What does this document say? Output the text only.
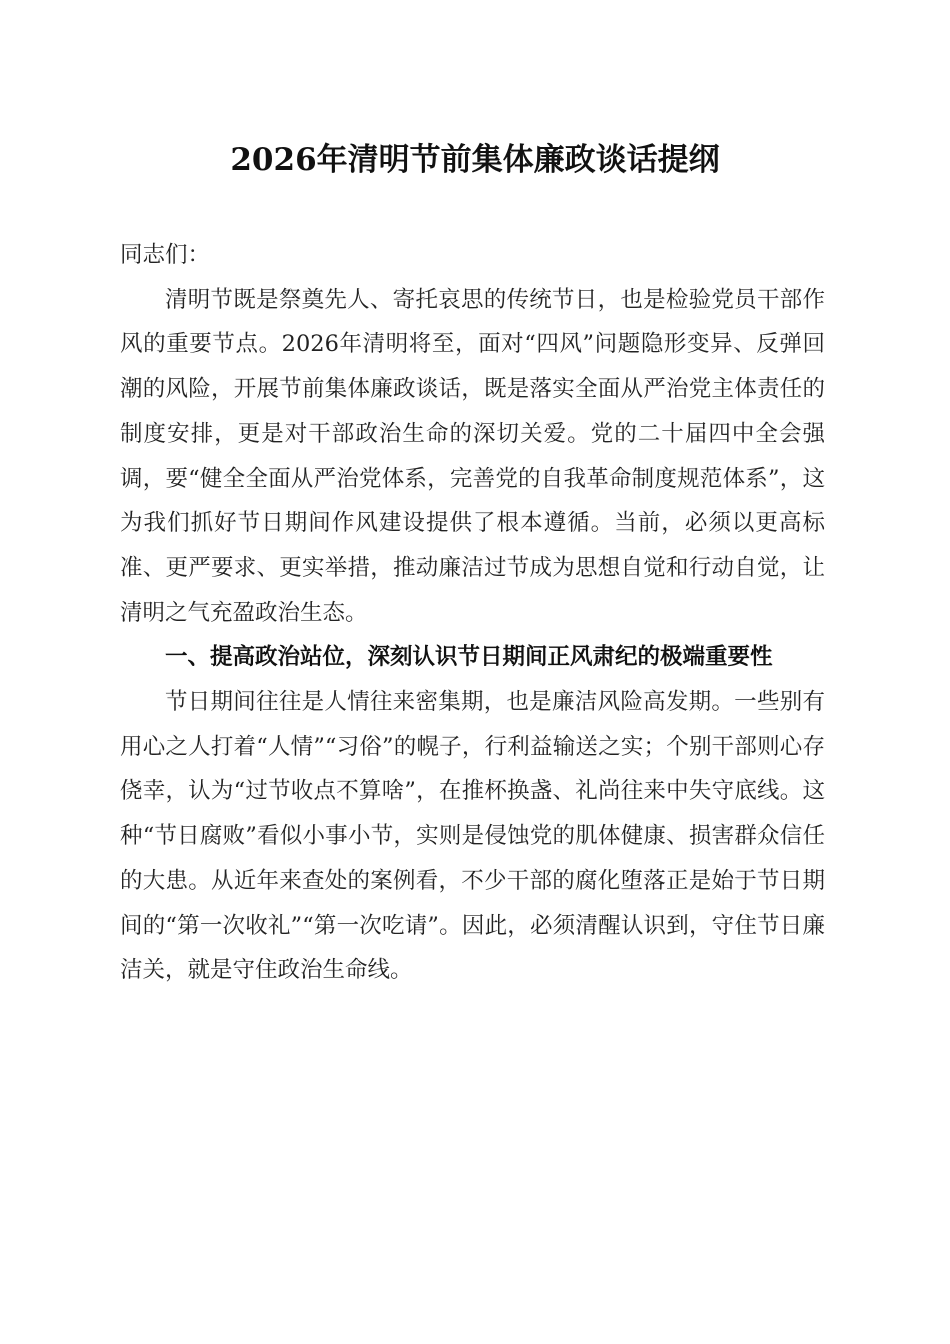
2026年清明节前集体廉政谈话提纲

同志们：

清明节既是祭奠先人、寄托哀思的传统节日，也是检验党员干部作风的重要节点。2026年清明将至，面对“四风”问题隐形变异、反弹回潮的风险，开展节前集体廉政谈话，既是落实全面从严治党主体责任的制度安排，更是对干部政治生命的深切关爱。党的二十届四中全会强调，要“健全全面从严治党体系，完善党的自我革命制度规范体系”，这为我们抓好节日期间作风建设提供了根本遵循。当前，必须以更高标准、更严要求、更实举措，推动廉洁过节成为思想自觉和行动自觉，让清明之气充盈政治生态。

一、提高政治站位，深刻认识节日期间正风肃纪的极端重要性

节日期间往往是人情往来密集期，也是廉洁风险高发期。一些别有用心之人打着“人情”“习俗”的幌子，行利益输送之实；个别干部则心存侥幸，认为“过节收点不算啥”，在推杯换盏、礼尚往来中失守底线。这种“节日腐败”看似小事小节，实则是侵蚀党的肌体健康、损害群众信任的大患。从近年来查处的案例看，不少干部的腐化堕落正是始于节日期间的“第一次收礼”“第一次吃请”。因此，必须清醒认识到，守住节日廉洁关，就是守住政治生命线。
